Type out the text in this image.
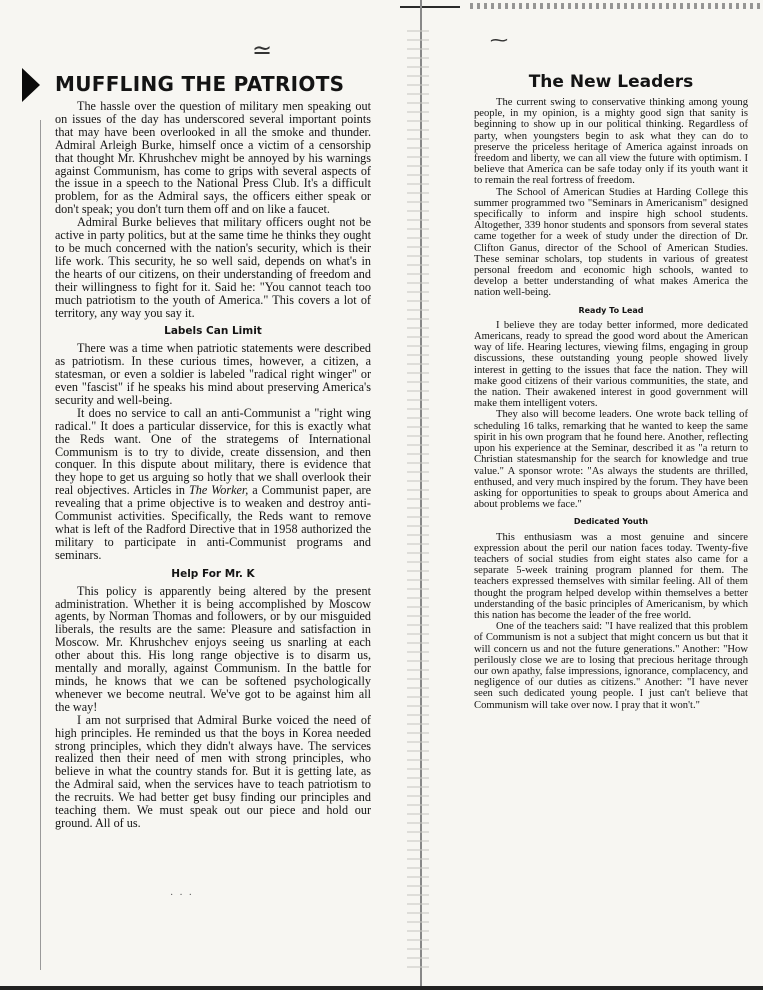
≃	⁓
MUFFLING THE PATRIOTS

The hassle over the question of military men speaking out on issues of the day has underscored several important points that may have been overlooked in all the smoke and thunder. Admiral Arleigh Burke, himself once a victim of a censorship that thought Mr. Khrushchev might be annoyed by his warnings against Communism, has come to grips with several aspects of the issue in a speech to the National Press Club. It's a difficult problem, for as the Admiral says, the officers either speak or don't speak; you don't turn them off and on like a faucet.

Admiral Burke believes that military officers ought not be active in party politics, but at the same time he thinks they ought to be much concerned with the nation's security, which is their life work. This security, he so well said, depends on what's in the hearts of our citizens, on their understanding of freedom and their willingness to fight for it. Said he: "You cannot teach too much patriotism to the youth of America." This covers a lot of territory, any way you say it.

Labels Can Limit

There was a time when patriotic statements were described as patriotism. In these curious times, however, a citizen, a statesman, or even a soldier is labeled "radical right winger" or even "fascist" if he speaks his mind about preserving America's security and well-being.

It does no service to call an anti-Communist a "right wing radical." It does a particular disservice, for this is exactly what the Reds want. One of the strategems of International Communism is to try to divide, create dissension, and then conquer. In this dispute about military, there is evidence that they hope to get us arguing so hotly that we shall overlook their real objectives. Articles in The Worker, a Communist paper, are revealing that a prime objective is to weaken and destroy anti-Communist activities. Specifically, the Reds want to remove what is left of the Radford Directive that in 1958 authorized the military to participate in anti-Communist programs and seminars.

Help For Mr. K

This policy is apparently being altered by the present administration. Whether it is being accomplished by Moscow agents, by Norman Thomas and followers, or by our misguided liberals, the results are the same: Pleasure and satisfaction in Moscow. Mr. Khrushchev enjoys seeing us snarling at each other about this. His long range objective is to disarm us, mentally and morally, against Communism. In the battle for minds, he knows that we can be softened psychologically whenever we become neutral. We've got to be against him all the way!

I am not surprised that Admiral Burke voiced the need of high principles. He reminded us that the boys in Korea needed strong principles, which they didn't always have. The services realized then their need of men with strong principles, who believe in what the country stands for. But it is getting late, as the Admiral said, when the services have to teach patriotism to the recruits. We had better get busy finding our principles and teaching them. We must speak out our piece and hold our ground. All of us.

···
The New Leaders

The current swing to conservative thinking among young people, in my opinion, is a mighty good sign that sanity is beginning to show up in our political thinking. Regardless of party, when youngsters begin to ask what they can do to preserve the priceless heritage of America against inroads on freedom and liberty, we can all view the future with optimism. I believe that America can be safe today only if its youth want it to remain the real fortress of freedom.

The School of American Studies at Harding College this summer programmed two "Seminars in Americanism" designed specifically to inform and inspire high school students. Altogether, 339 honor students and sponsors from several states came together for a week of study under the direction of Dr. Clifton Ganus, director of the School of American Studies. These seminar scholars, top students in various of greatest personal freedom and economic high schools, wanted to develop a better understanding of what makes America the nation well-being.

Ready To Lead

I believe they are today better informed, more dedicated Americans, ready to spread the good word about the American way of life. Hearing lectures, viewing films, engaging in group discussions, these outstanding young people showed lively interest in getting to the issues that face the nation. They will make good citizens of their various communities, the state, and the nation. Their awakened interest in good government will make them intelligent voters.

They also will become leaders. One wrote back telling of scheduling 16 talks, remarking that he wanted to keep the same spirit in his own program that he found here. Another, reflecting upon his experience at the Seminar, described it as "a return to Christian statesmanship for the search for knowledge and true value." A sponsor wrote: "As always the students are thrilled, enthused, and very much inspired by the forum. They have been asking for opportunities to speak to groups about America and about problems we face."

Dedicated Youth

This enthusiasm was a most genuine and sincere expression about the peril our nation faces today. Twenty-five teachers of social studies from eight states also came for a separate 5-week training program planned for them. The teachers expressed themselves with similar feeling. All of them thought the program helped develop within themselves a better understanding of the basic principles of Americanism, by which this nation has become the leader of the free world.

One of the teachers said: "I have realized that this problem of Communism is not a subject that might concern us but that it will concern us and not the future generations." Another: "How perilously close we are to losing that precious heritage through our own apathy, false impressions, ignorance, complacency, and negligence of our duties as citizens." Another: "I have never seen such dedicated young people. I just can't believe that Communism will take over now. I pray that it won't."
